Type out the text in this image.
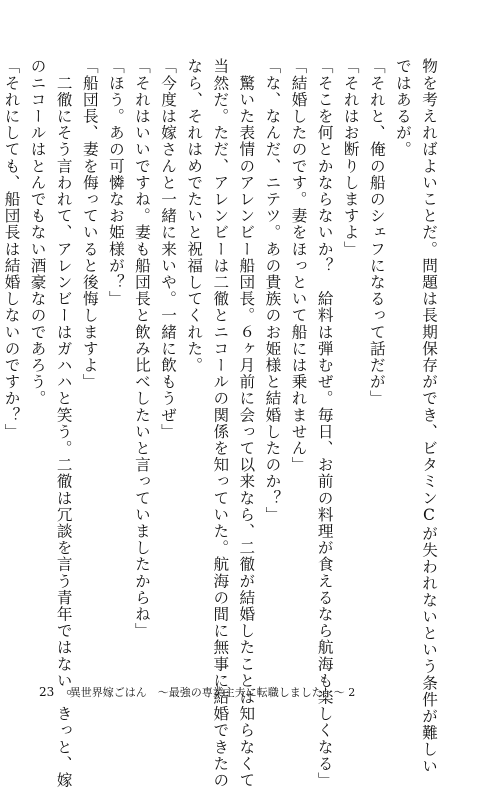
物を考えればよいことだ。問題は長期保存ができ、ビタミンCが失われないという条件が難しい
ではあるが。
「それと、俺の船のシェフになるって話だが」
「それはお断りしますよ」
「そこを何とかならないか？　給料は弾むぜ。毎日、お前の料理が食えるなら航海も楽しくなる」
「結婚したのです。妻をほっといて船には乗れません」
「な、なんだ、ニテツ。あの貴族のお姫様と結婚したのか？」
　驚いた表情のアレンビー船団長。６ヶ月前に会って以来なら、二徹が結婚したことは知らなくて
当然だ。ただ、アレンビーは二徹とニコールの関係を知っていた。航海の間に無事に結婚できたの
なら、それはめでたいと祝福してくれた。
「今度は嫁さんと一緒に来いや。一緒に飲もうぜ」
「それはいいですね。妻も船団長と飲み比べしたいと言っていましたからね」
「ほう。あの可憐なお姫様が？」
「船団長、妻を侮っていると後悔しますよ」
　二徹にそう言われて、アレンビーはガハハと笑う。二徹は冗談を言う青年ではない。きっと、嫁
のニコールはとんでもない酒豪なのであろう。
「それにしても、船団長は結婚しないのですか？」
23 異世界嫁ごはん　～最強の専業主夫に転職しました！～ 2
